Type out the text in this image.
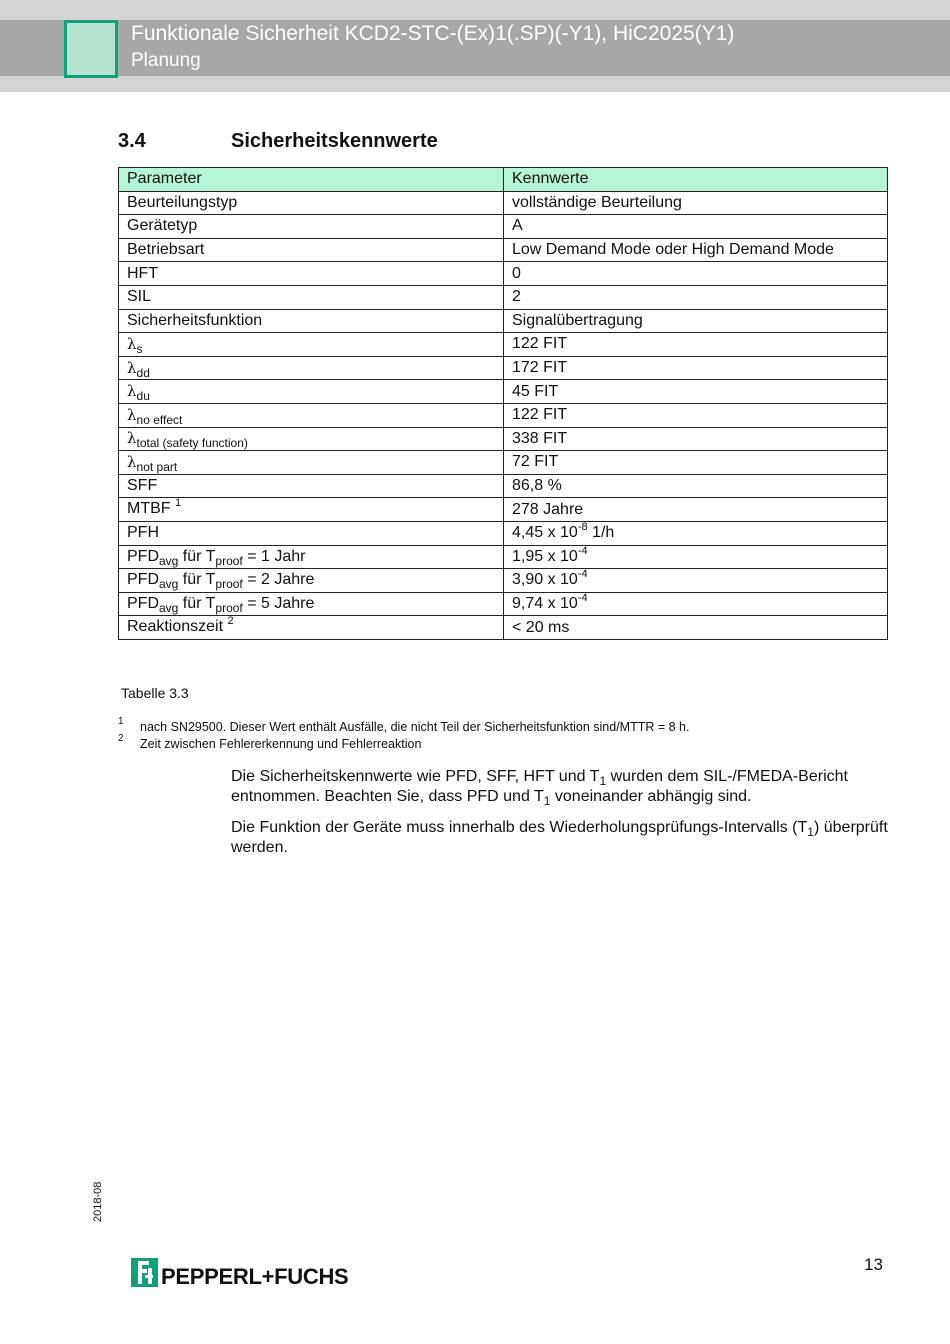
Funktionale Sicherheit KCD2-STC-(Ex)1(.SP)(-Y1), HiC2025(Y1)
Planung
3.4	Sicherheitskennwerte
Parameter	Kennwerte
Beurteilungstyp	vollständige Beurteilung
Gerätetyp	A
Betriebsart	Low Demand Mode oder High Demand Mode
HFT	0
SIL	2
Sicherheitsfunktion	Signalübertragung
$\lambda_s$	122 FIT
$\lambda_{dd}$	172 FIT
$\lambda_{du}$	45 FIT
$\lambda_{no effect}$	122 FIT
$\lambda_{total (safety function)}$	338 FIT
$\lambda_{not part}$	72 FIT
SFF	86,8 %
MTBF $^1$	278 Jahre
PFH	4,45 x $10^{-8}$ 1/h
$PFD_{avg}$ für $T_{proof} = 1$ Jahr	1,95 x $10^{-4}$
$PFD_{avg}$ für $T_{proof} = 2$ Jahre	3,90 x $10^{-4}$
$PFD_{avg}$ für $T_{proof} = 5$ Jahre	9,74 x $10^{-4}$
Reaktionszeit $^2$	< 20 ms
Tabelle 3.3
1 nach SN29500. Dieser Wert enthält Ausfälle, die nicht Teil der Sicherheitsfunktion sind/MTTR = 8 h.
2 Zeit zwischen Fehlererkennung und Fehlerreaktion
Die Sicherheitskennwerte wie PFD, SFF, HFT und $T_1$ wurden dem SIL-/FMEDA-Bericht entnommen. Beachten Sie, dass PFD und $T_1$ voneinander abhängig sind.
Die Funktion der Geräte muss innerhalb des Wiederholungsprüfungs-Intervalls $(T_1)$ überprüft werden.
2018-08
PEPPERL+FUCHS	13
